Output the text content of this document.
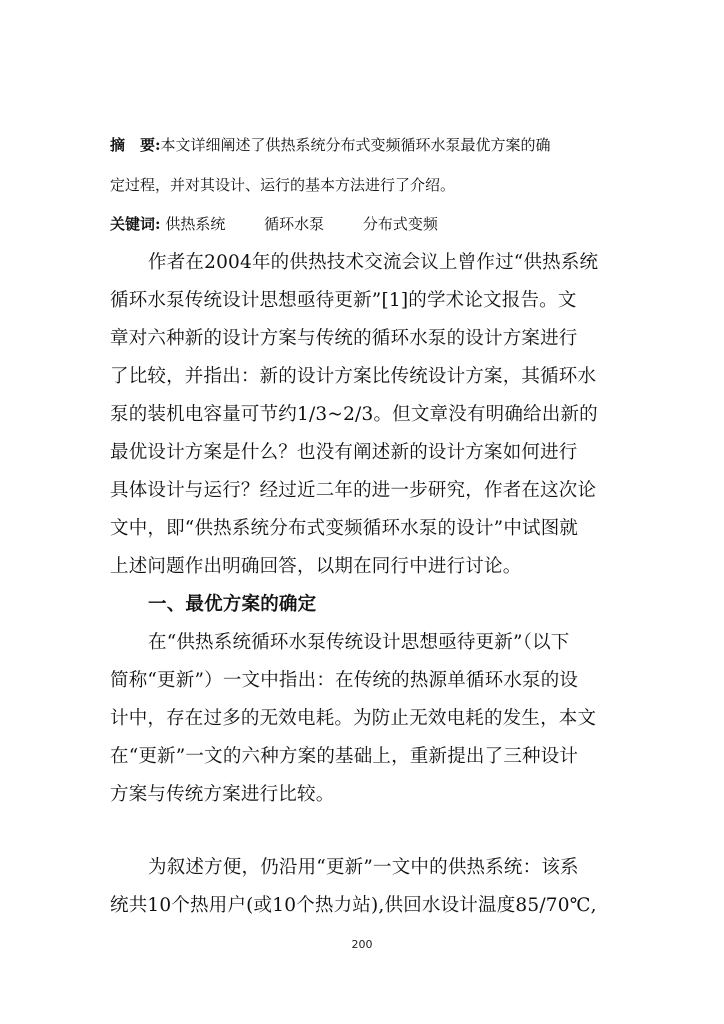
摘　要:本文详细阐述了供热系统分布式变频循环水泵最优方案的确
定过程，并对其设计、运行的基本方法进行了介绍。
关键词: 供热系统	循环水泵	分布式变频
作者在2004年的供热技术交流会议上曾作过“供热系统
循环水泵传统设计思想亟待更新”[1]的学术论文报告。文
章对六种新的设计方案与传统的循环水泵的设计方案进行
了比较，并指出：新的设计方案比传统设计方案，其循环水
泵的装机电容量可节约1/3~2/3。但文章没有明确给出新的
最优设计方案是什么？也没有阐述新的设计方案如何进行
具体设计与运行？经过近二年的进一步研究，作者在这次论
文中，即“供热系统分布式变频循环水泵的设计”中试图就
上述问题作出明确回答，以期在同行中进行讨论。
一、最优方案的确定
在“供热系统循环水泵传统设计思想亟待更新”（以下
简称“更新”）一文中指出：在传统的热源单循环水泵的设
计中，存在过多的无效电耗。为防止无效电耗的发生，本文
在“更新”一文的六种方案的基础上，重新提出了三种设计
方案与传统方案进行比较。
为叙述方便，仍沿用“更新”一文中的供热系统：该系
统共10个热用户(或10个热力站),供回水设计温度85/70℃,
200
